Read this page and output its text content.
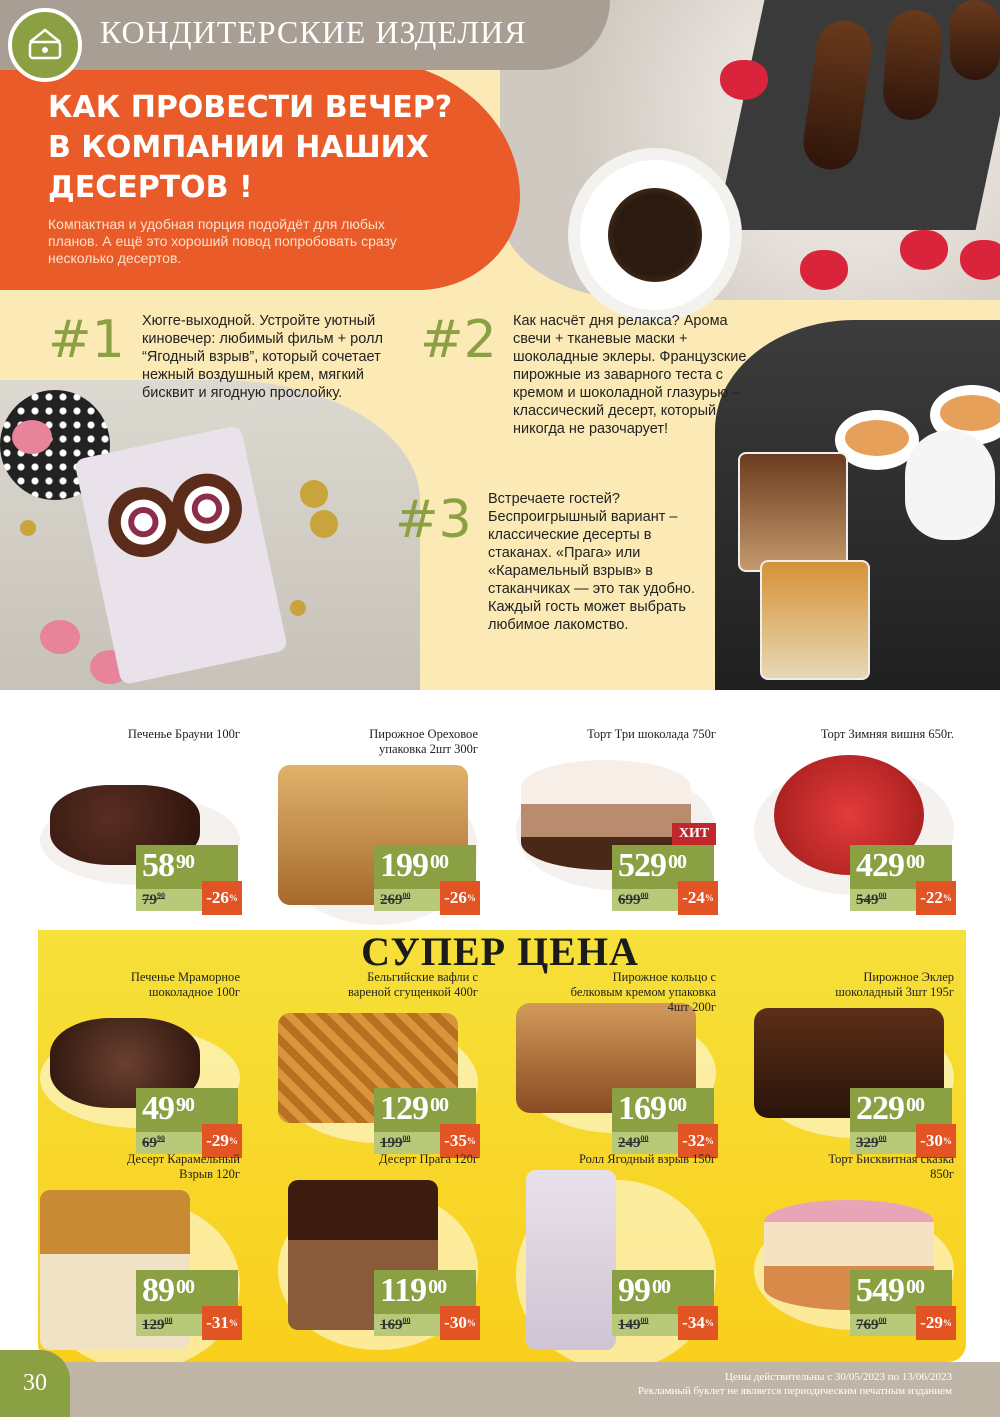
КОНДИТЕРСКИЕ ИЗДЕЛИЯ
КАК ПРОВЕСТИ ВЕЧЕР?
В КОМПАНИИ НАШИХ
ДЕСЕРТОВ !
Компактная и удобная порция подойдёт для любых планов. А ещё это хороший повод попробовать сразу несколько десертов.
#1 Хюгге-выходной. Устройте уютный киновечер: любимый фильм + ролл “Ягодный взрыв”, который сочетает нежный воздушный крем, мягкий бисквит и ягодную прослойку.
#2 Как насчёт дня релакса? Арома свечи + тканевые маски + шоколадные эклеры. Французские пирожные из заварного теста с кремом и шоколадной глазурью – классический десерт, который никогда не разочарует!
#3 Встречаете гостей? Беспроигрышный вариант – классические десерты в стаканах. «Прага» или «Карамельный взрыв» в стаканчиках — это так удобно. Каждый гость может выбрать любимое лакомство.
Печенье Брауни 100г
58 $^{90}$
$79^{90}$ -26 %
Пирожное Ореховое упаковка 2шт 300г
199 $^{00}$
$269^{00}$ -26 %
Торт Три шоколада 750г
ХИТ
529 $^{00}$
$699^{00}$ -24 %
Торт Зимняя вишня 650г.
429 $^{00}$
$549^{00}$ -22 %
СУПЕР ЦЕНА
Печенье Мраморное шоколадное 100г
49 $^{90}$
$69^{90}$ -29 %
Бельгийские вафли с вареной сгущенкой 400г
129 $^{00}$
$199^{00}$ -35 %
Пирожное кольцо с белковым кремом упаковка 4шт 200г
169 $^{00}$
$249^{00}$ -32 %
Пирожное Эклер шоколадный 3шт 195г
229 $^{00}$
$329^{00}$ -30 %
Десерт Карамельный Взрыв 120г
89 $^{00}$
$129^{00}$ -31 %
Десерт Прага 120г
119 $^{00}$
$169^{00}$ -30 %
Ролл Ягодный взрыв 150г
99 $^{00}$
$149^{00}$ -34 %
Торт Бисквитная сказка 850г
549 $^{00}$
$769^{00}$ -29 %
30	Цены действительны с 30/05/2023 по 13/06/2023
Рекламный буклет не является периодическим печатным изданием
